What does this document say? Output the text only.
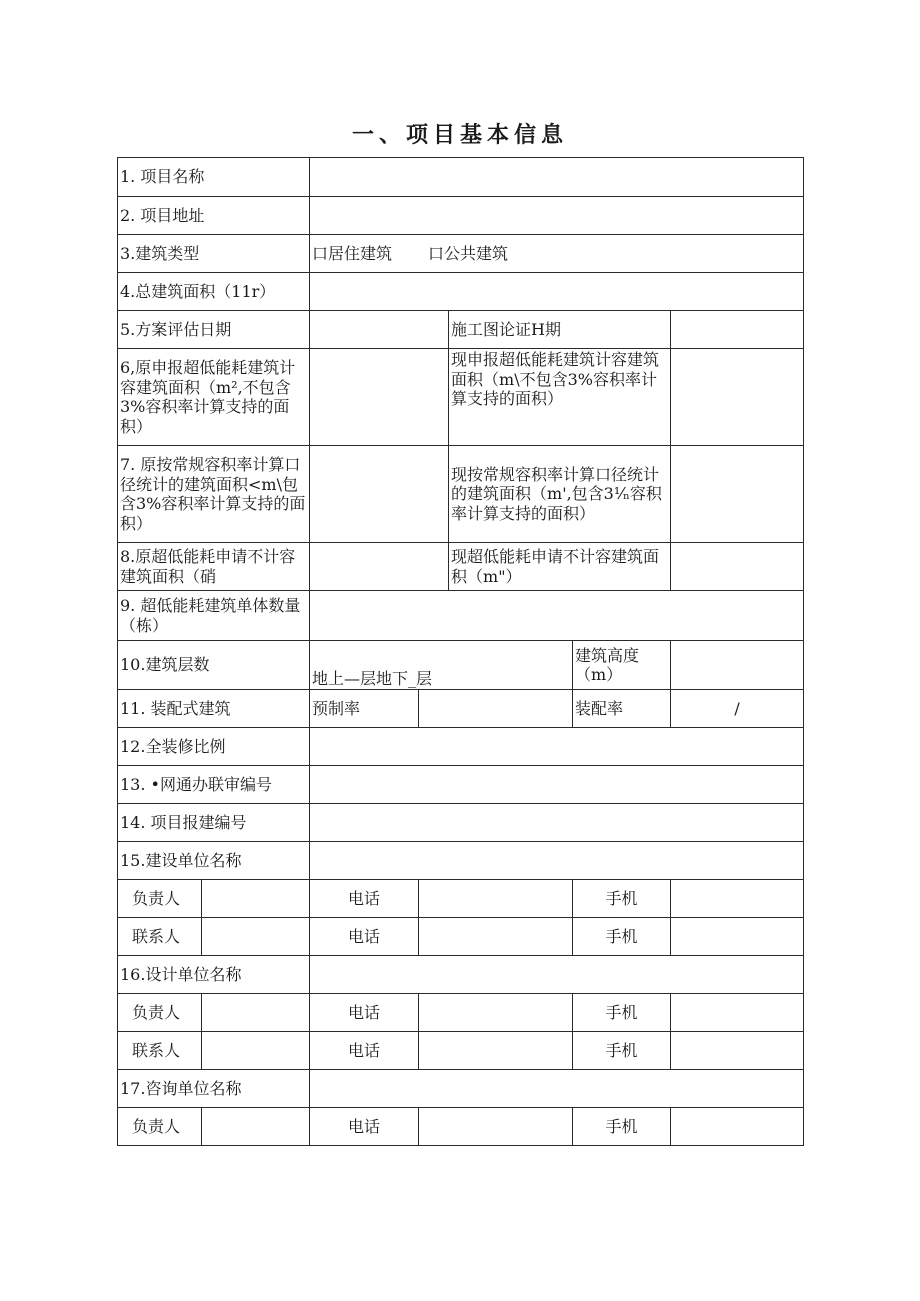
一、项目基本信息
1. 项目名称						
2. 项目地址						
3.建筑类型		口居住建筑 口公共建筑				
4.总建筑面积（11r）						
5.方案评估日期				施工图论证H期		
6,原申报超低能耗建筑计容建筑面积（m²,不包含3%容积率计算支持的面积）				现申报超低能耗建筑计容建筑面积（m\不包含3%容积率计算支持的面积）		
7. 原按常规容积率计算口径统计的建筑面积<m\包含3%容积率计算支持的面积）				现按常规容积率计算口径统计的建筑面积（m',包含3¹⁄ₙ容积率计算支持的面积）		
8.原超低能耗申请不计容建筑面积（硝				现超低能耗申请不计容建筑面积（m"）		
9. 超低能耗建筑单体数量（栋）						
10.建筑层数		地上—层地下_层			建筑高度（m）	
11. 装配式建筑		预制率			装配率	/
12.全装修比例						
13. •网通办联审编号						
14. 项目报建编号						
15.建设单位名称						
负责人		电话			手机	
联系人		电话			手机	
16.设计单位名称						
负责人		电话			手机	
联系人		电话			手机	
17.咨询单位名称						
负责人		电话			手机	
